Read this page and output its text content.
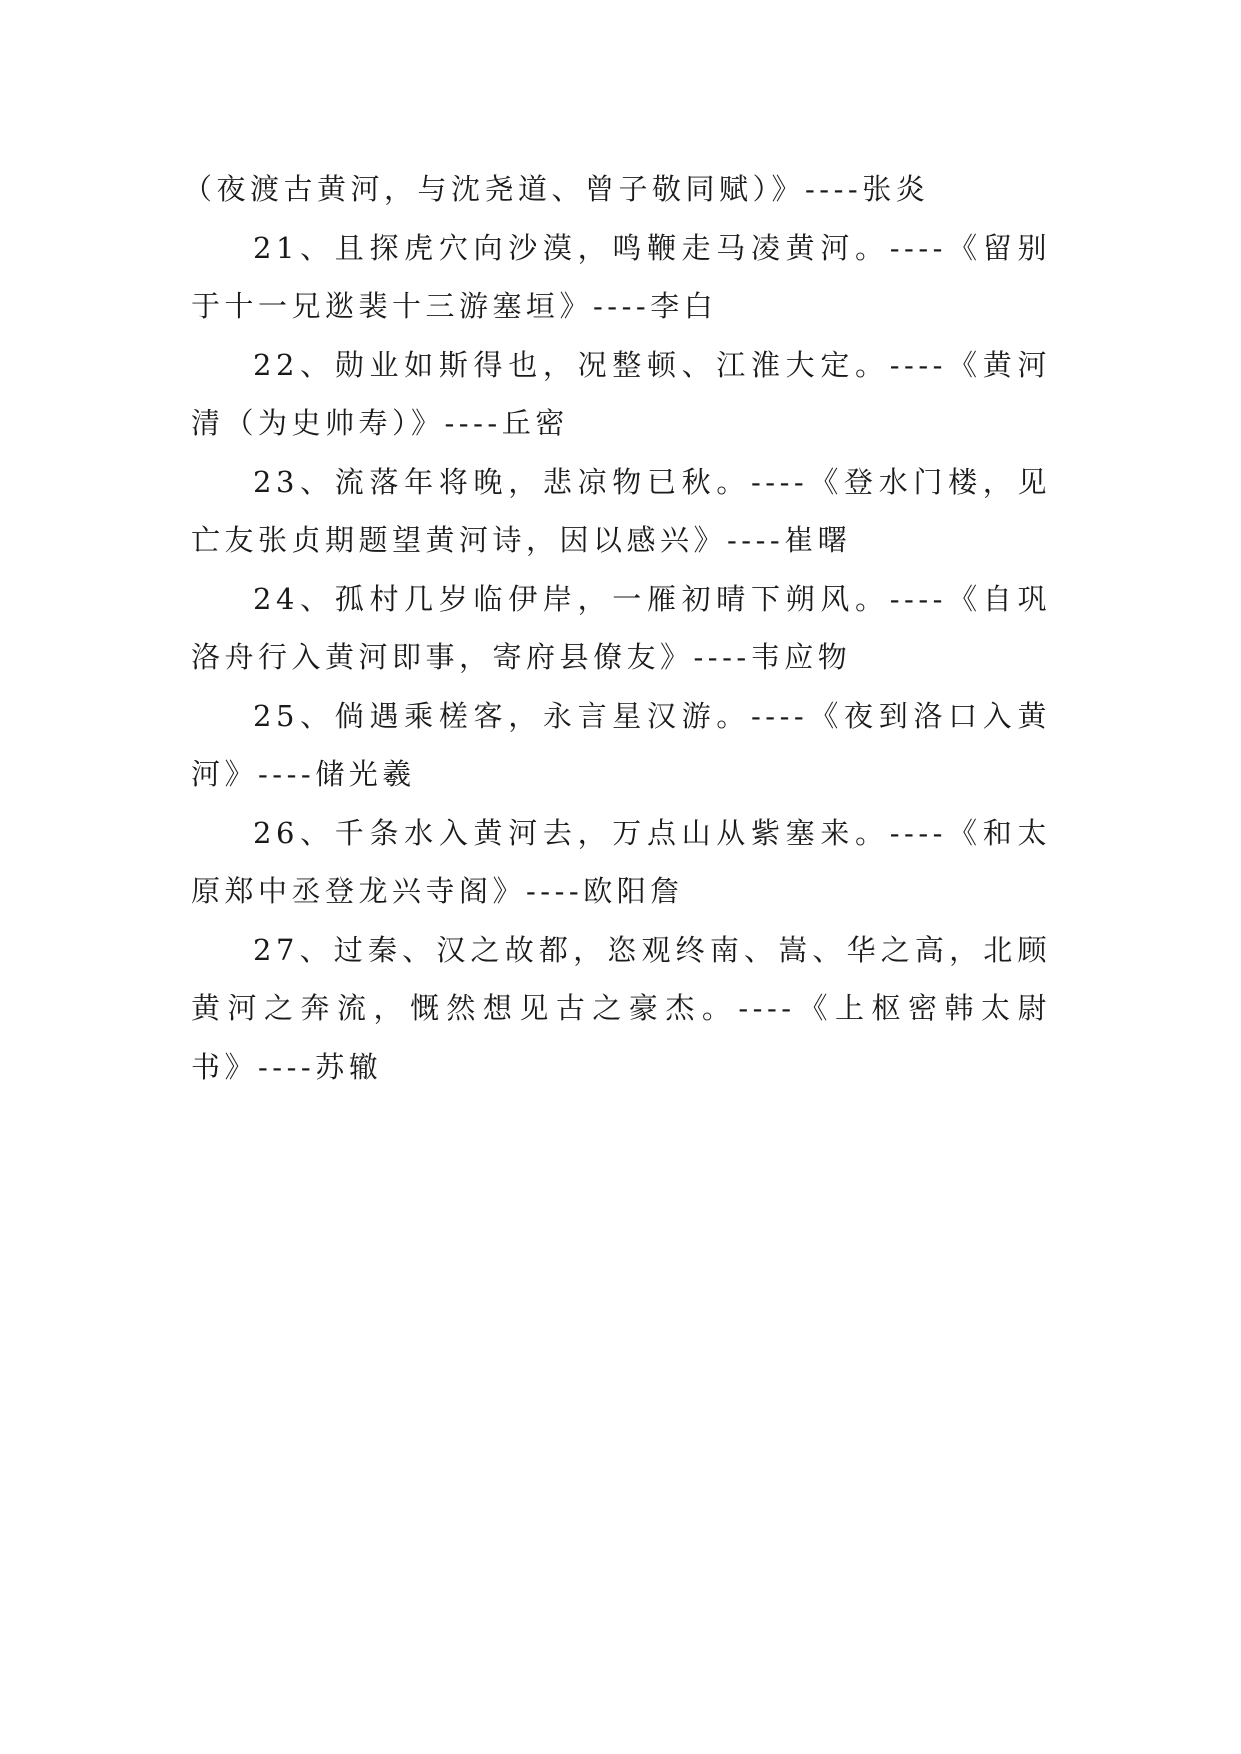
（夜渡古黄河，与沈尧道、曾子敬同赋）》----张炎

21、且探虎穴向沙漠，鸣鞭走马凌黄河。----《留别于十一兄逖裴十三游塞垣》----李白

22、勋业如斯得也，况整顿、江淮大定。----《黄河清（为史帅寿）》----丘密

23、流落年将晚，悲凉物已秋。----《登水门楼，见亡友张贞期题望黄河诗，因以感兴》----崔曙

24、孤村几岁临伊岸，一雁初晴下朔风。----《自巩洛舟行入黄河即事，寄府县僚友》----韦应物

25、倘遇乘槎客，永言星汉游。----《夜到洛口入黄河》----储光羲

26、千条水入黄河去，万点山从紫塞来。----《和太原郑中丞登龙兴寺阁》----欧阳詹

27、过秦、汉之故都，恣观终南、嵩、华之高，北顾黄河之奔流，慨然想见古之豪杰。----《上枢密韩太尉书》----苏辙
